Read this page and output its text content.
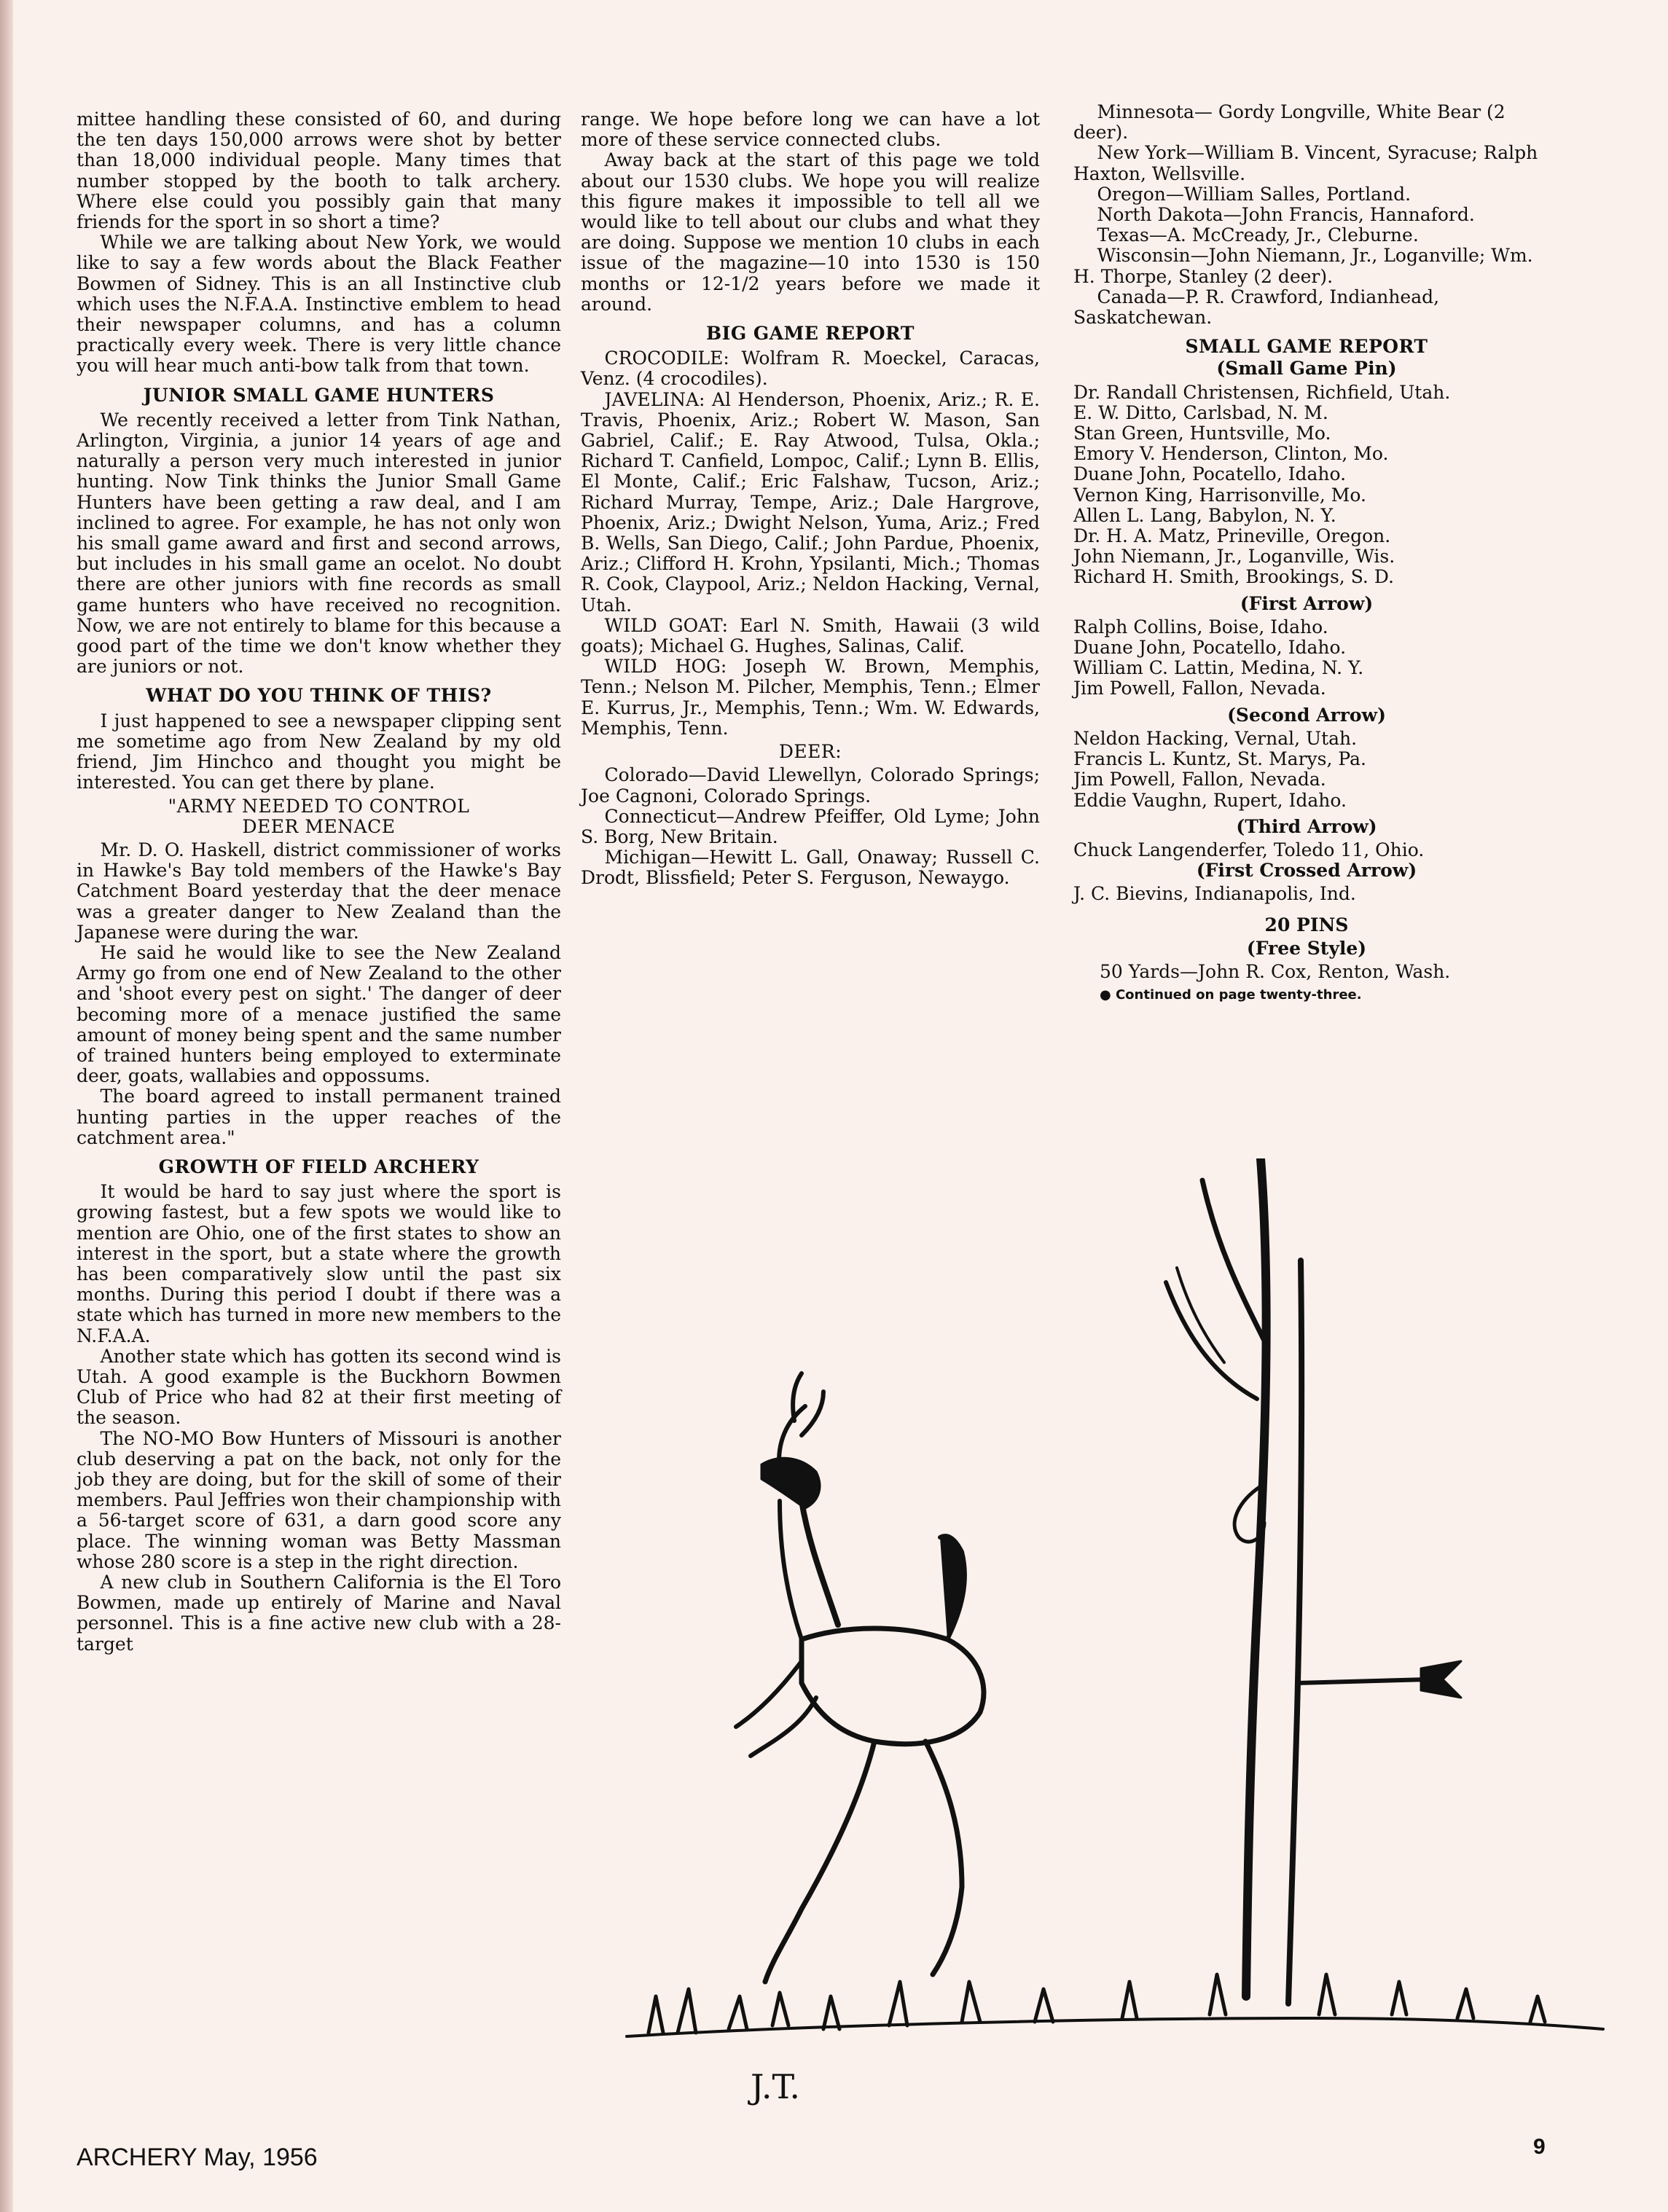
mittee handling these consisted of 60, and during the ten days 150,000 arrows were shot by better than 18,000 individual people. Many times that number stopped by the booth to talk archery. Where else could you possibly gain that many friends for the sport in so short a time?

While we are talking about New York, we would like to say a few words about the Black Feather Bowmen of Sidney. This is an all Instinctive club which uses the N.F.A.A. Instinctive emblem to head their newspaper columns, and has a column practically every week. There is very little chance you will hear much anti-bow talk from that town.

JUNIOR SMALL GAME HUNTERS

We recently received a letter from Tink Nathan, Arlington, Virginia, a junior 14 years of age and naturally a person very much interested in junior hunting. Now Tink thinks the Junior Small Game Hunters have been getting a raw deal, and I am inclined to agree. For example, he has not only won his small game award and first and second arrows, but includes in his small game an ocelot. No doubt there are other juniors with fine records as small game hunters who have received no recognition. Now, we are not entirely to blame for this because a good part of the time we don't know whether they are juniors or not.

WHAT DO YOU THINK OF THIS?

I just happened to see a newspaper clipping sent me sometime ago from New Zealand by my old friend, Jim Hinchco and thought you might be interested. You can get there by plane.

"ARMY NEEDED TO CONTROL
DEER MENACE

Mr. D. O. Haskell, district commissioner of works in Hawke's Bay told members of the Hawke's Bay Catchment Board yesterday that the deer menace was a greater danger to New Zealand than the Japanese were during the war.

He said he would like to see the New Zealand Army go from one end of New Zealand to the other and 'shoot every pest on sight.' The danger of deer becoming more of a menace justified the same amount of money being spent and the same number of trained hunters being employed to exterminate deer, goats, wallabies and oppossums.

The board agreed to install permanent trained hunting parties in the upper reaches of the catchment area."

GROWTH OF FIELD ARCHERY

It would be hard to say just where the sport is growing fastest, but a few spots we would like to mention are Ohio, one of the first states to show an interest in the sport, but a state where the growth has been comparatively slow until the past six months. During this period I doubt if there was a state which has turned in more new members to the N.F.A.A.

Another state which has gotten its second wind is Utah. A good example is the Buckhorn Bowmen Club of Price who had 82 at their first meeting of the season.

The NO-MO Bow Hunters of Missouri is another club deserving a pat on the back, not only for the job they are doing, but for the skill of some of their members. Paul Jeffries won their championship with a 56-target score of 631, a darn good score any place. The winning woman was Betty Massman whose 280 score is a step in the right direction.

A new club in Southern California is the El Toro Bowmen, made up entirely of Marine and Naval personnel. This is a fine active new club with a 28-target

range. We hope before long we can have a lot more of these service connected clubs.

Away back at the start of this page we told about our 1530 clubs. We hope you will realize this figure makes it impossible to tell all we would like to tell about our clubs and what they are doing. Suppose we mention 10 clubs in each issue of the magazine—10 into 1530 is 150 months or 12-1/2 years before we made it around.

BIG GAME REPORT

CROCODILE: Wolfram R. Moeckel, Caracas, Venz. (4 crocodiles).

JAVELINA: Al Henderson, Phoenix, Ariz.; R. E. Travis, Phoenix, Ariz.; Robert W. Mason, San Gabriel, Calif.; E. Ray Atwood, Tulsa, Okla.; Richard T. Canfield, Lompoc, Calif.; Lynn B. Ellis, El Monte, Calif.; Eric Falshaw, Tucson, Ariz.; Richard Murray, Tempe, Ariz.; Dale Hargrove, Phoenix, Ariz.; Dwight Nelson, Yuma, Ariz.; Fred B. Wells, San Diego, Calif.; John Pardue, Phoenix, Ariz.; Clifford H. Krohn, Ypsilanti, Mich.; Thomas R. Cook, Claypool, Ariz.; Neldon Hacking, Vernal, Utah.

WILD GOAT: Earl N. Smith, Hawaii (3 wild goats); Michael G. Hughes, Salinas, Calif.

WILD HOG: Joseph W. Brown, Memphis, Tenn.; Nelson M. Pilcher, Memphis, Tenn.; Elmer E. Kurrus, Jr., Memphis, Tenn.; Wm. W. Edwards, Memphis, Tenn.

DEER:

Colorado—David Llewellyn, Colorado Springs; Joe Cagnoni, Colorado Springs.

Connecticut—Andrew Pfeiffer, Old Lyme; John S. Borg, New Britain.

Michigan—Hewitt L. Gall, Onaway; Russell C. Drodt, Blissfield; Peter S. Ferguson, Newaygo.

Minnesota— Gordy Longville, White Bear (2 deer).

New York—William B. Vincent, Syracuse; Ralph Haxton, Wellsville.

Oregon—William Salles, Portland.

North Dakota—John Francis, Hannaford.

Texas—A. McCready, Jr., Cleburne.

Wisconsin—John Niemann, Jr., Loganville; Wm. H. Thorpe, Stanley (2 deer).

Canada—P. R. Crawford, Indianhead, Saskatchewan.

SMALL GAME REPORT
(Small Game Pin)

Dr. Randall Christensen, Richfield, Utah.

E. W. Ditto, Carlsbad, N. M.

Stan Green, Huntsville, Mo.

Emory V. Henderson, Clinton, Mo.

Duane John, Pocatello, Idaho.

Vernon King, Harrisonville, Mo.

Allen L. Lang, Babylon, N. Y.

Dr. H. A. Matz, Prineville, Oregon.

John Niemann, Jr., Loganville, Wis.

Richard H. Smith, Brookings, S. D.

(First Arrow)

Ralph Collins, Boise, Idaho.

Duane John, Pocatello, Idaho.

William C. Lattin, Medina, N. Y.

Jim Powell, Fallon, Nevada.

(Second Arrow)

Neldon Hacking, Vernal, Utah.

Francis L. Kuntz, St. Marys, Pa.

Jim Powell, Fallon, Nevada.

Eddie Vaughn, Rupert, Idaho.

(Third Arrow)

Chuck Langenderfer, Toledo 11, Ohio.

(First Crossed Arrow)

J. C. Bievins, Indianapolis, Ind.

20 PINS
(Free Style)

50 Yards—John R. Cox, Renton, Wash.

● Continued on page twenty-three.
J.T.
ARCHERY May, 1956	9
